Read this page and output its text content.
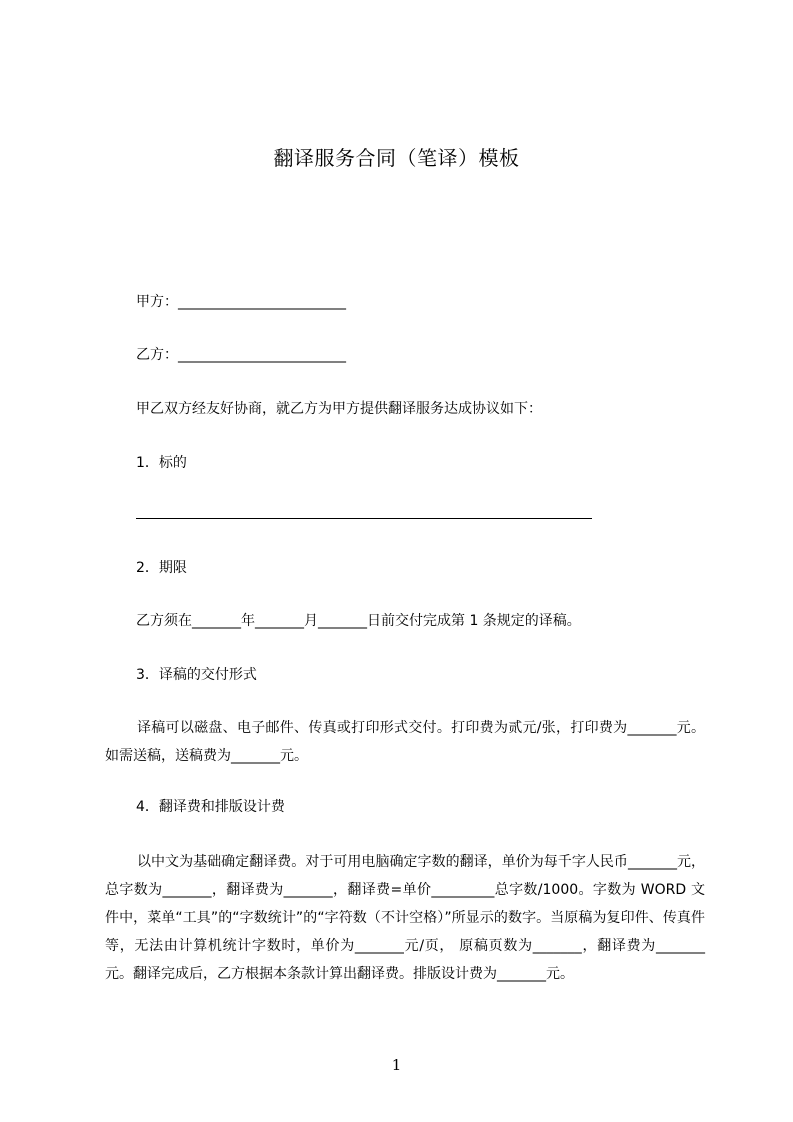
翻译服务合同（笔译）模板
甲方：________________________
乙方：________________________
甲乙双方经友好协商，就乙方为甲方提供翻译服务达成协议如下：
1．标的
2．期限
乙方须在_______年_______月_______日前交付完成第 1 条规定的译稿。
3．译稿的交付形式
译稿可以磁盘、电子邮件、传真或打印形式交付。打印费为贰元/张，打印费为_______元。如需送稿，送稿费为_______元。
4．翻译费和排版设计费
以中文为基础确定翻译费。对于可用电脑确定字数的翻译，单价为每千字人民币_______元，总字数为_______，翻译费为_______，翻译费=单价_________总字数/1000。字数为 WORD 文件中，菜单“工具”的“字数统计”的“字符数（不计空格）”所显示的数字。当原稿为复印件、传真件等，无法由计算机统计字数时，单价为_______元/页， 原稿页数为_______，翻译费为_______元。翻译完成后，乙方根据本条款计算出翻译费。排版设计费为_______元。
1
